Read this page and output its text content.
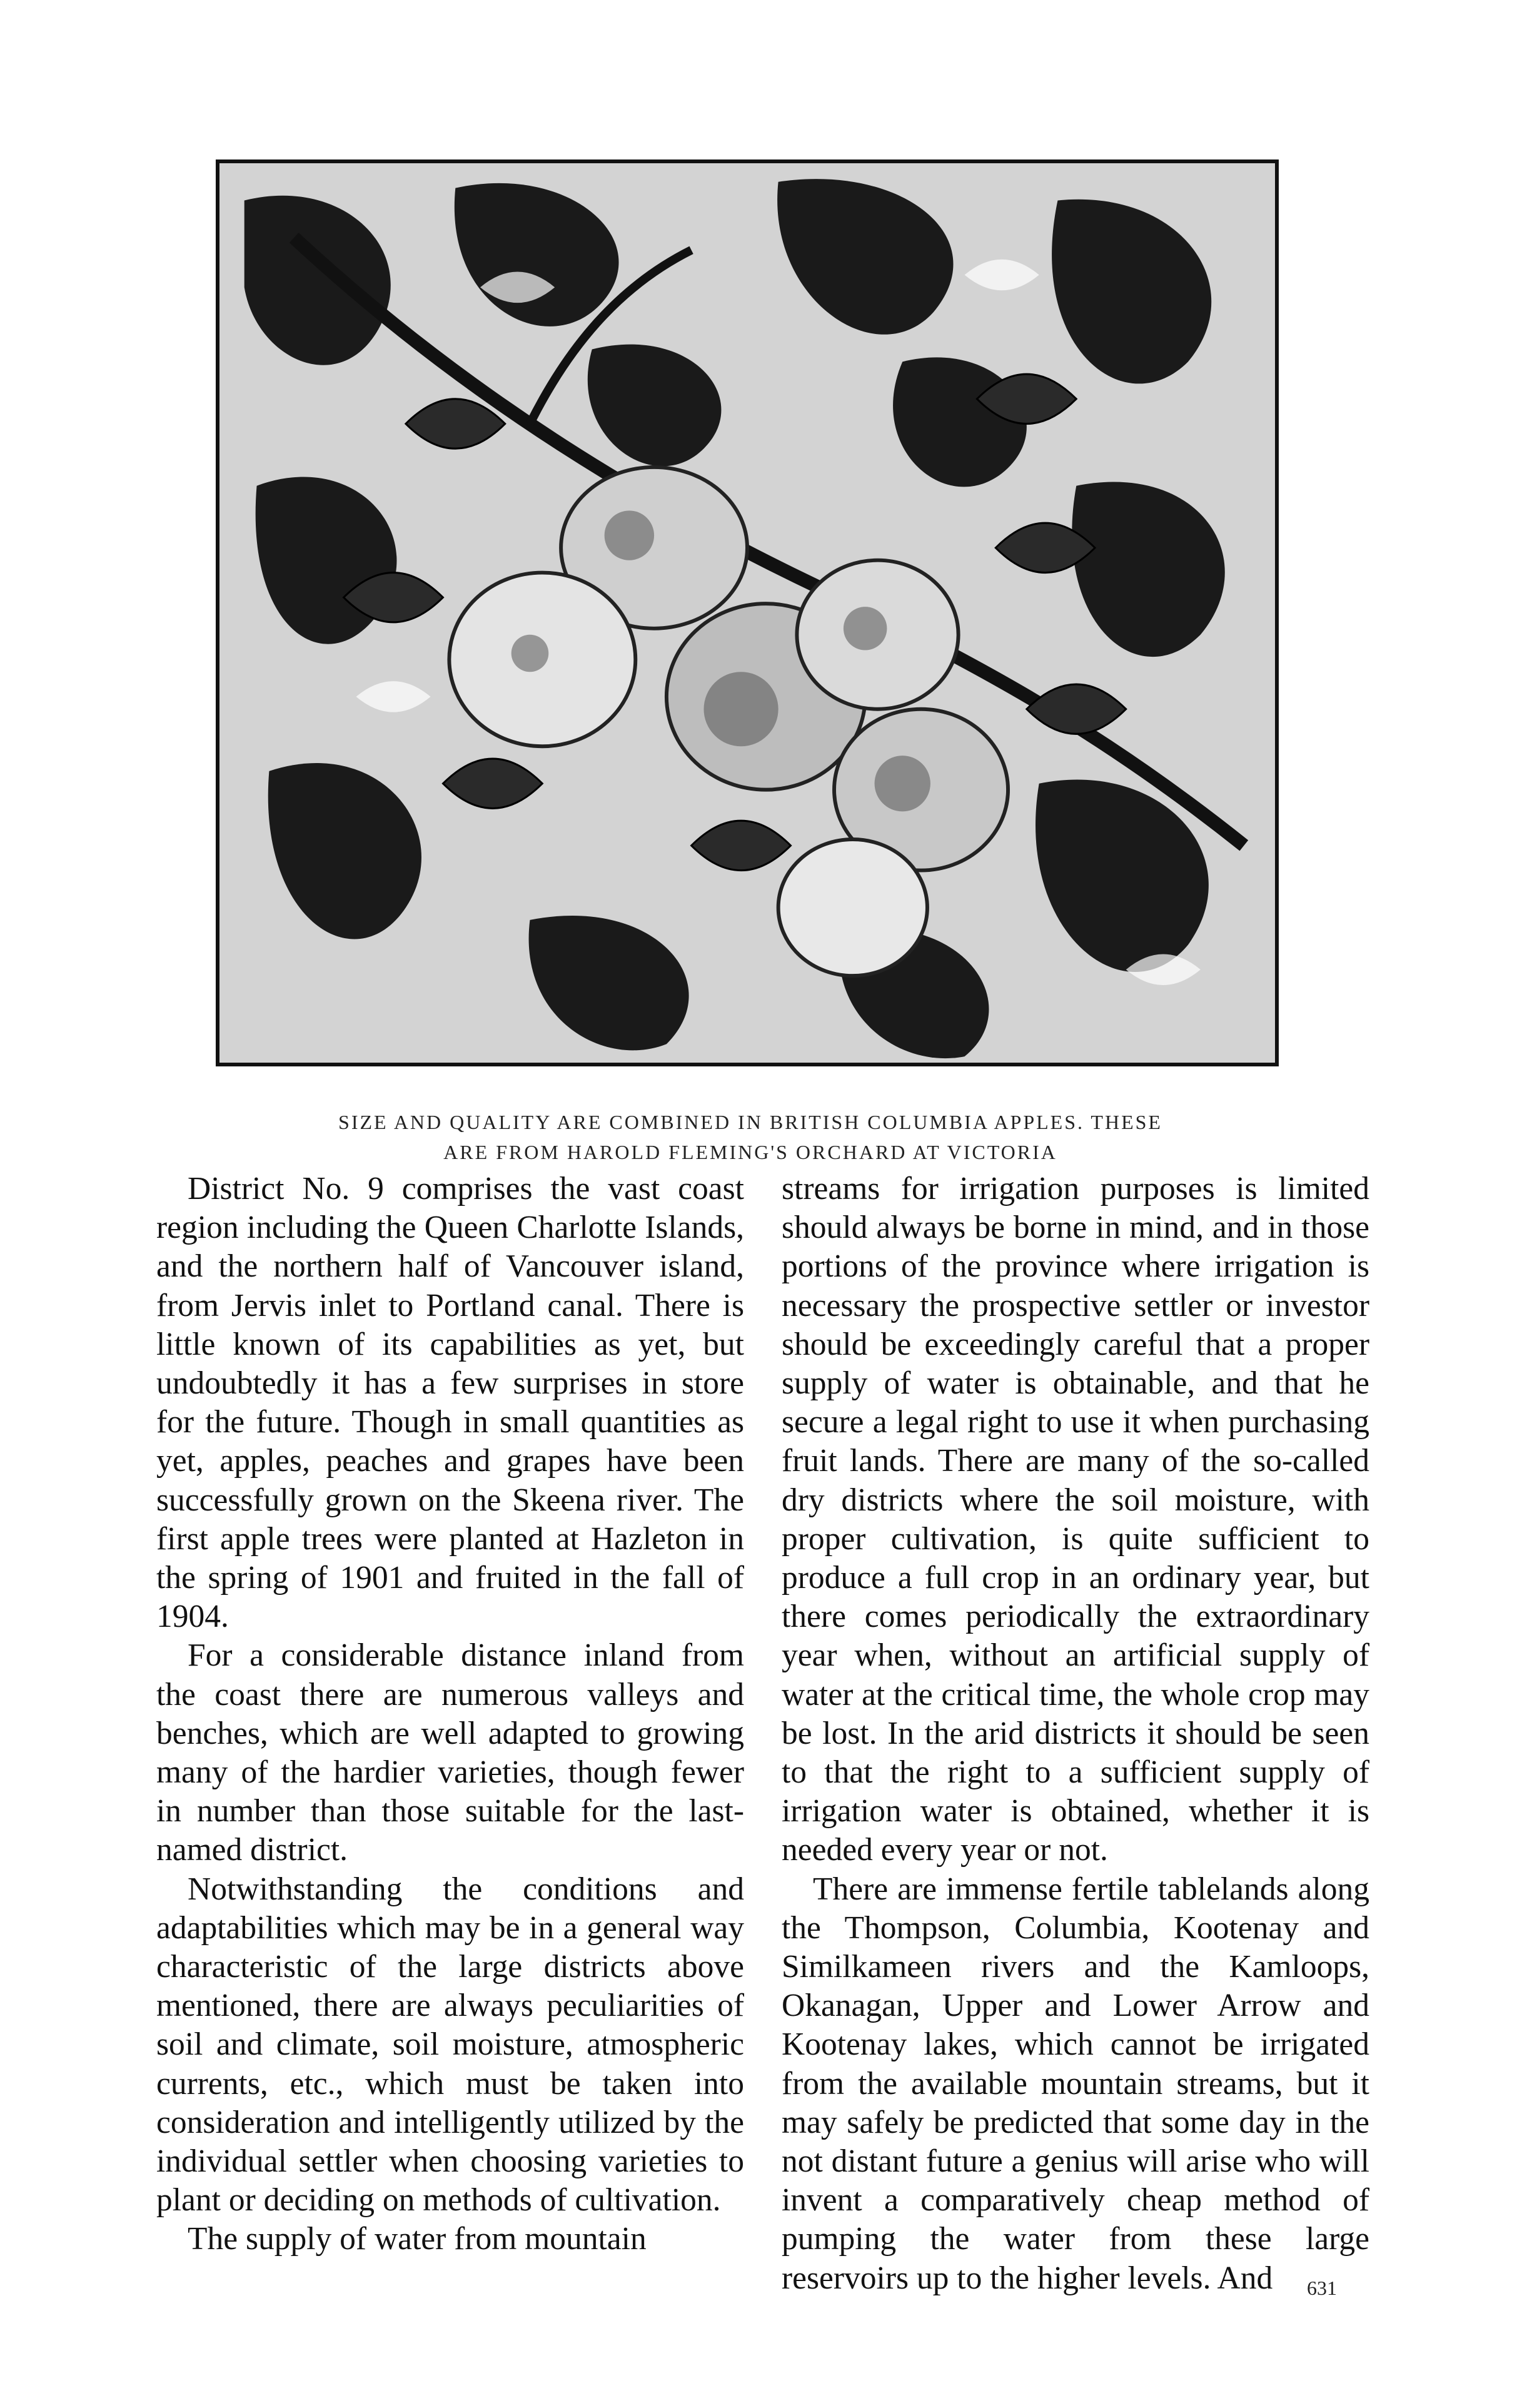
SIZE AND QUALITY ARE COMBINED IN BRITISH COLUMBIA APPLES. THESE
ARE FROM HAROLD FLEMING'S ORCHARD AT VICTORIA

District No. 9 comprises the vast coast region including the Queen Charlotte Islands, and the northern half of Vancouver island, from Jervis inlet to Portland canal. There is little known of its capabilities as yet, but undoubtedly it has a few surprises in store for the future. Though in small quantities as yet, apples, peaches and grapes have been successfully grown on the Skeena river. The first apple trees were planted at Hazleton in the spring of 1901 and fruited in the fall of 1904.

For a considerable distance inland from the coast there are numerous valleys and benches, which are well adapted to growing many of the hardier varieties, though fewer in number than those suitable for the last-named district.

Notwithstanding the conditions and adaptabilities which may be in a general way characteristic of the large districts above mentioned, there are always peculiarities of soil and climate, soil moisture, atmospheric currents, etc., which must be taken into consideration and intelligently utilized by the individual settler when choosing varieties to plant or deciding on methods of cultivation.

The supply of water from mountain

streams for irrigation purposes is limited should always be borne in mind, and in those portions of the province where irrigation is necessary the prospective settler or investor should be exceedingly careful that a proper supply of water is obtainable, and that he secure a legal right to use it when purchasing fruit lands. There are many of the so-called dry districts where the soil moisture, with proper cultivation, is quite sufficient to produce a full crop in an ordinary year, but there comes periodically the extraordinary year when, without an artificial supply of water at the critical time, the whole crop may be lost. In the arid districts it should be seen to that the right to a sufficient supply of irrigation water is obtained, whether it is needed every year or not.

There are immense fertile tablelands along the Thompson, Columbia, Kootenay and Similkameen rivers and the Kamloops, Okanagan, Upper and Lower Arrow and Kootenay lakes, which cannot be irrigated from the available mountain streams, but it may safely be predicted that some day in the not distant future a genius will arise who will invent a comparatively cheap method of pumping the water from these large reservoirs up to the higher levels. And	631
